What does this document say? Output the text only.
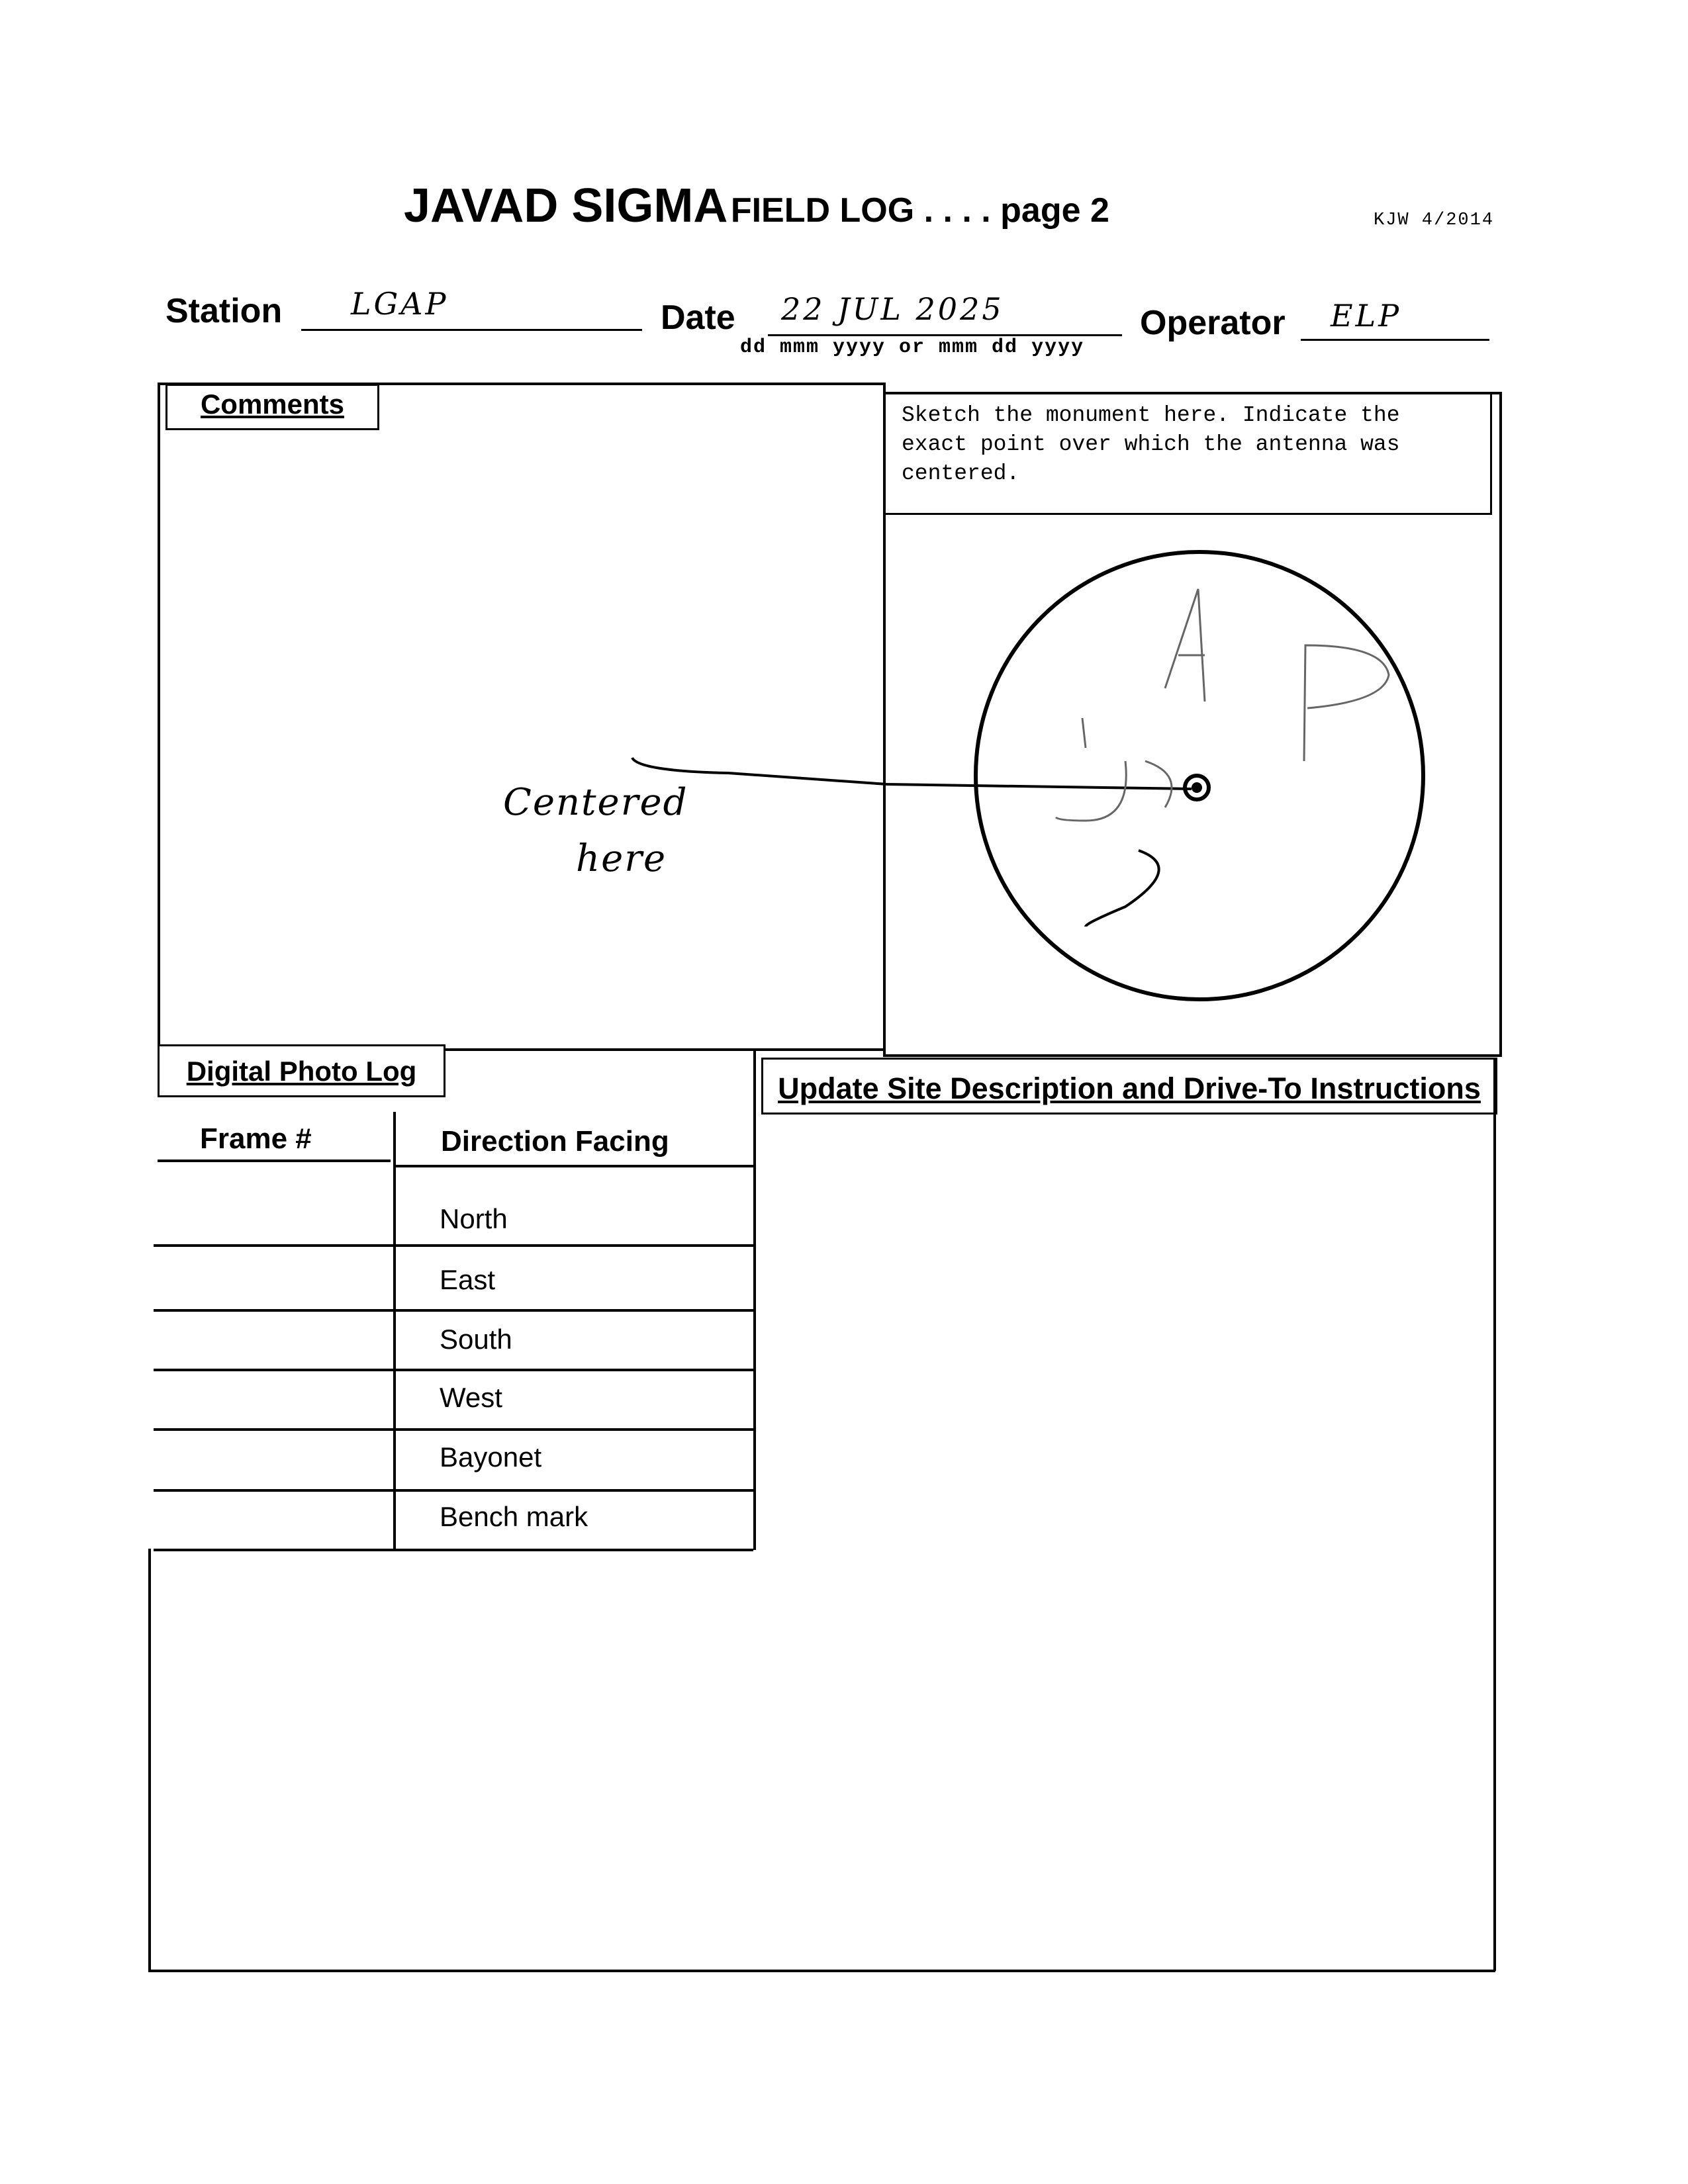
JAVAD SIGMA FIELD LOG . . . . page 2	KJW 4/2014
Station LGAP	Date 22 JUL 2025
dd mmm yyyy or mmm dd yyyy
Operator ELP
Comments
Centered
here
Sketch the monument here. Indicate the
exact point over which the antenna was
centered.
Digital Photo Log
Frame #	Direction Facing
North
East
South
West
Bayonet
Bench mark
Update Site Description and Drive-To Instructions
AP
